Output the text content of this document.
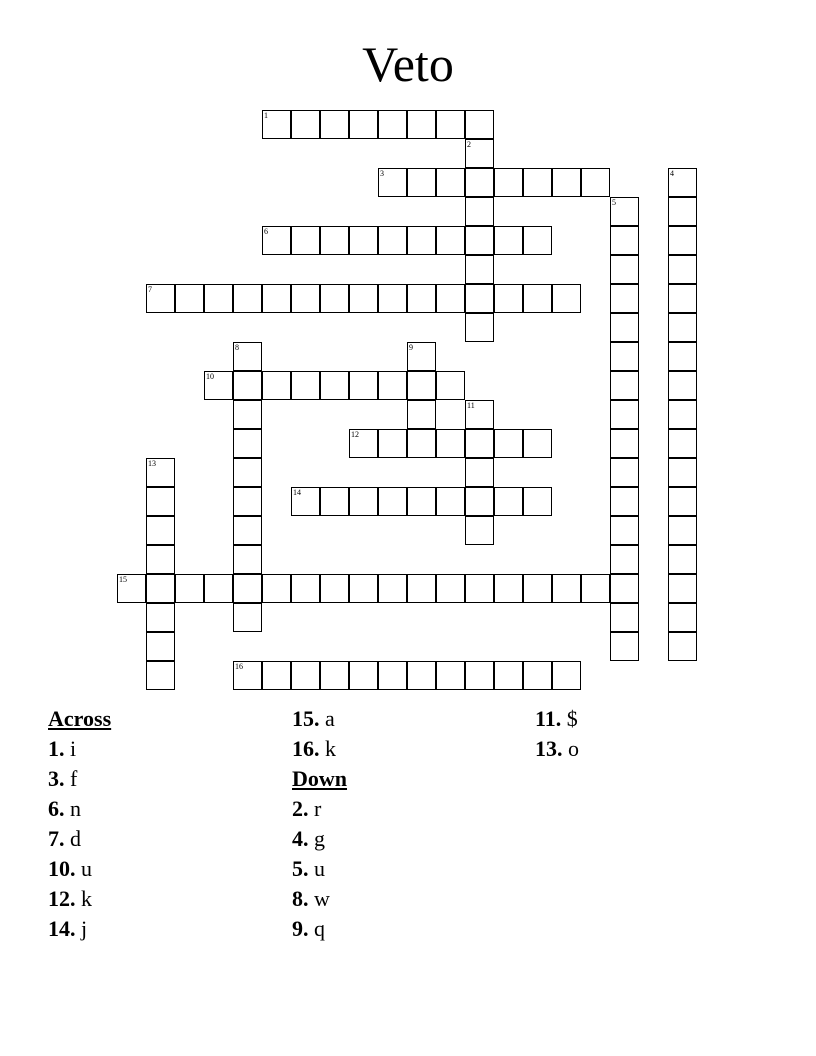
Veto
1
2
3	4
5
6
7
8	9
10
11
12
13
14
15
16
Across
1. i
3. f
6. n
7. d
10. u
12. k
14. j
15. a
16. k
Down
2. r
4. g
5. u
8. w
9. q
11. $
13. o
